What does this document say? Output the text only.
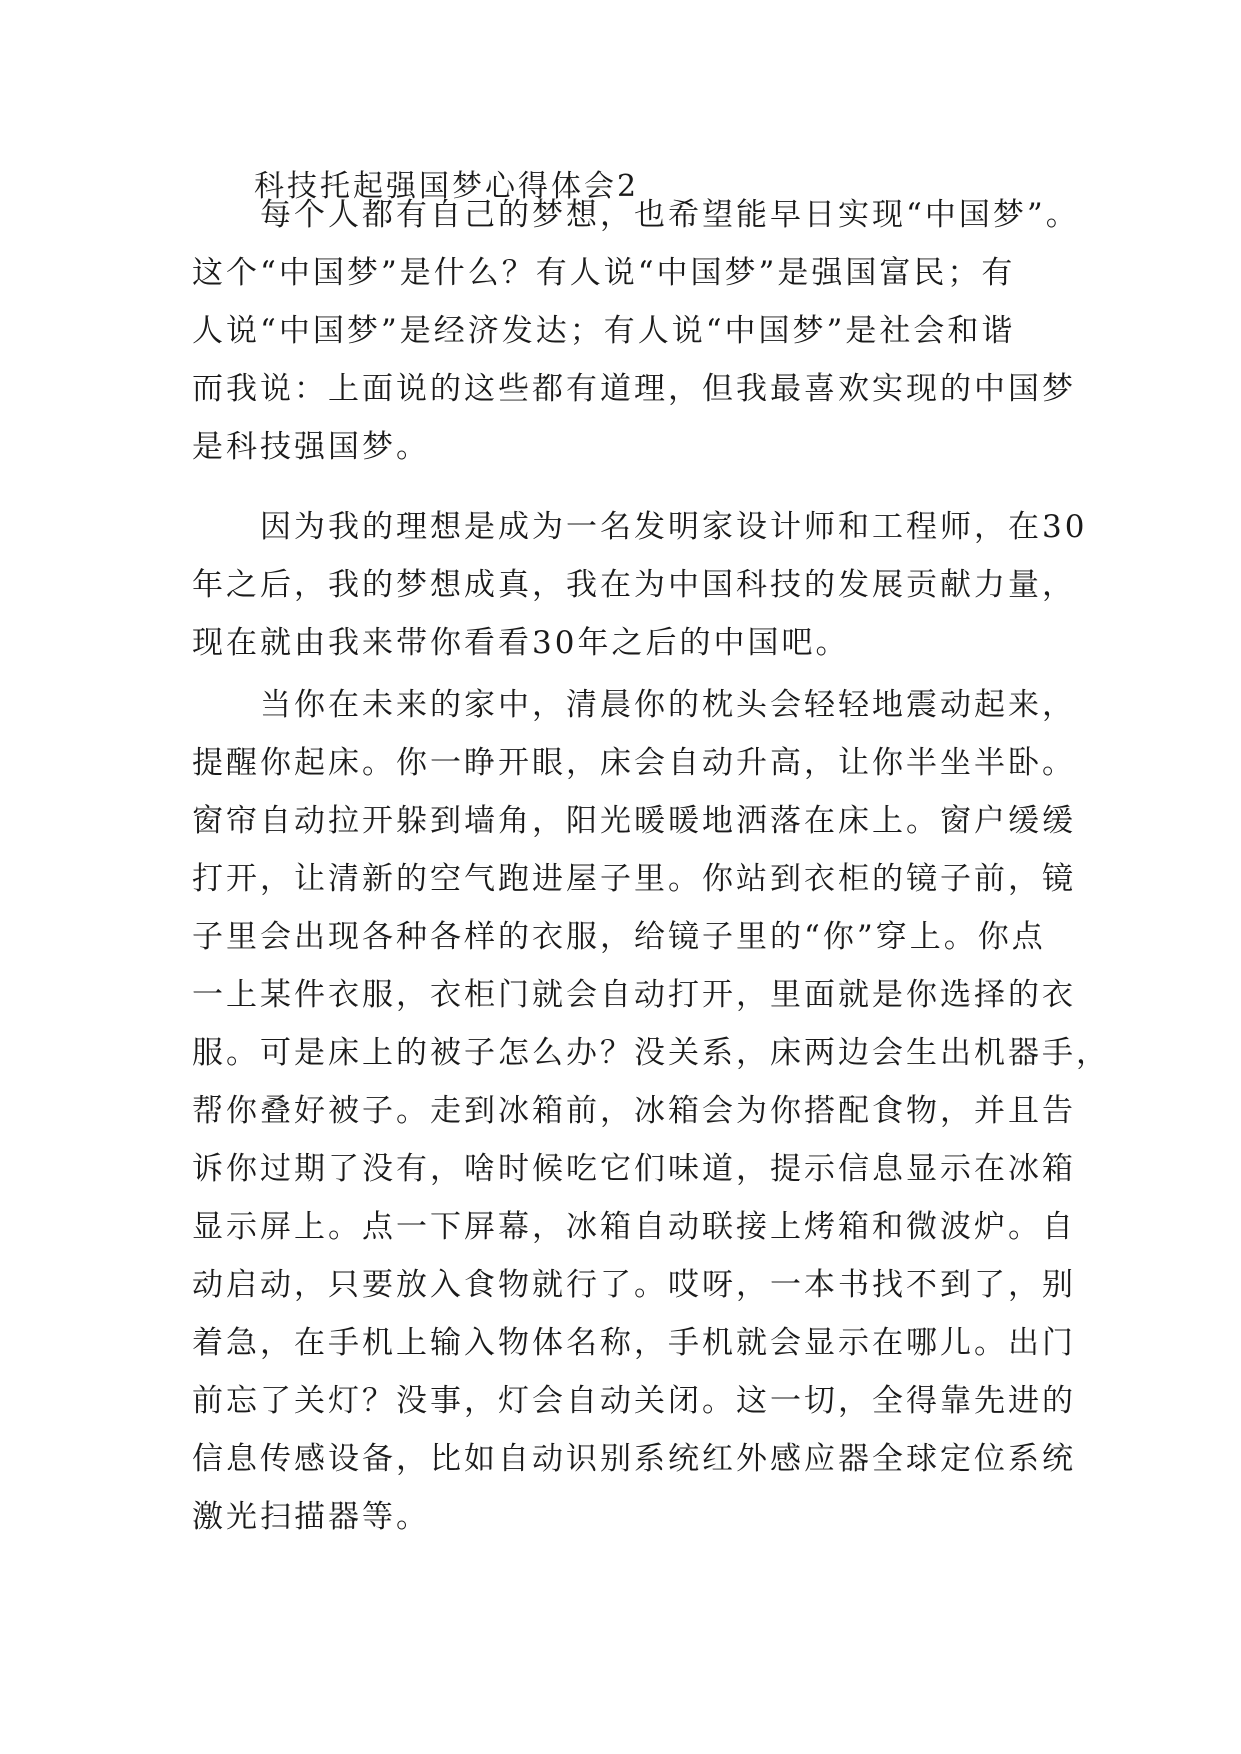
科技托起强国梦心得体会2
　　每个人都有自己的梦想，也希望能早日实现“中国梦”。
这个“中国梦”是什么？有人说“中国梦”是强国富民；有
人说“中国梦”是经济发达；有人说“中国梦”是社会和谐
而我说：上面说的这些都有道理，但我最喜欢实现的中国梦
是科技强国梦。
　　因为我的理想是成为一名发明家设计师和工程师，在30
年之后，我的梦想成真，我在为中国科技的发展贡献力量，
现在就由我来带你看看30年之后的中国吧。
　　当你在未来的家中，清晨你的枕头会轻轻地震动起来，
提醒你起床。你一睁开眼，床会自动升高，让你半坐半卧。
窗帘自动拉开躲到墙角，阳光暖暖地洒落在床上。窗户缓缓
打开，让清新的空气跑进屋子里。你站到衣柜的镜子前，镜
子里会出现各种各样的衣服，给镜子里的“你”穿上。你点
一上某件衣服，衣柜门就会自动打开，里面就是你选择的衣
服。可是床上的被子怎么办？没关系，床两边会生出机器手，
帮你叠好被子。走到冰箱前，冰箱会为你搭配食物，并且告
诉你过期了没有，啥时候吃它们味道，提示信息显示在冰箱
显示屏上。点一下屏幕，冰箱自动联接上烤箱和微波炉。自
动启动，只要放入食物就行了。哎呀，一本书找不到了，别
着急，在手机上输入物体名称，手机就会显示在哪儿。出门
前忘了关灯？没事，灯会自动关闭。这一切，全得靠先进的
信息传感设备，比如自动识别系统红外感应器全球定位系统
激光扫描器等。
